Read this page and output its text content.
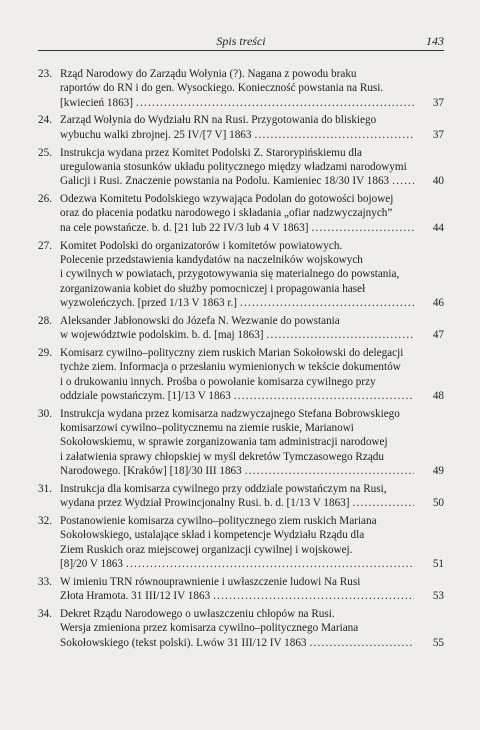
Spis treści	143
23. Rząd Narodowy do Zarządu Wołynia (?). Nagana z powodu braku
raportów do RN i do gen. Wysockiego. Konieczność powstania na Rusi.
[kwiecień 1863] .....	37
24. Zarząd Wołynia do Wydziału RN na Rusi. Przygotowania do bliskiego
wybuchu walki zbrojnej. 25 IV/[7 V] 1863 .....	37
25. Instrukcja wydana przez Komitet Podolski Z. Starorypińskiemu dla
uregulowania stosunków układu politycznego między władzami narodowymi
Galicji i Rusi. Znaczenie powstania na Podolu. Kamieniec 18/30 IV 1863 .....	40
26. Odezwa Komitetu Podolskiego wzywająca Podolan do gotowości bojowej
oraz do płacenia podatku narodowego i składania „ofiar nadzwyczajnych”
na cele powstańcze. b. d. [21 lub 22 IV/3 lub 4 V 1863] .....	44
27. Komitet Podolski do organizatorów i komitetów powiatowych.
Polecenie przedstawienia kandydatów na naczelników wojskowych
i cywilnych w powiatach, przygotowywania się materialnego do powstania,
zorganizowania kobiet do służby pomocniczej i propagowania haseł
wyzwoleńczych. [przed 1/13 V 1863 r.] .....	46
28. Aleksander Jabłonowski do Józefa N. Wezwanie do powstania
w województwie podolskim. b. d. [maj 1863] .....	47
29. Komisarz cywilno–polityczny ziem ruskich Marian Sokołowski do delegacji
tychże ziem. Informacja o przesłaniu wymienionych w tekście dokumentów
i o drukowaniu innych. Prośba o powołanie komisarza cywilnego przy
oddziale powstańczym. [1]/13 V 1863 .....	48
30. Instrukcja wydana przez komisarza nadzwyczajnego Stefana Bobrowskiego
komisarzowi cywilno–politycznemu na ziemie ruskie, Marianowi
Sokołowskiemu, w sprawie zorganizowania tam administracji narodowej
i załatwienia sprawy chłopskiej w myśl dekretów Tymczasowego Rządu
Narodowego. [Kraków] [18]/30 III 1863 .....	49
31. Instrukcja dla komisarza cywilnego przy oddziale powstańczym na Rusi,
wydana przez Wydział Prowincjonalny Rusi. b. d. [1/13 V 1863] .....	50
32. Postanowienie komisarza cywilno–politycznego ziem ruskich Mariana
Sokołowskiego, ustalające skład i kompetencje Wydziału Rządu dla
Ziem Ruskich oraz miejscowej organizacji cywilnej i wojskowej.
[8]/20 V 1863 .....	51
33. W imieniu TRN równouprawnienie i uwłaszczenie ludowi Na Rusi
Złota Hramota. 31 III/12 IV 1863 .....	53
34. Dekret Rządu Narodowego o uwłaszczeniu chłopów na Rusi.
Wersja zmieniona przez komisarza cywilno–politycznego Mariana
Sokołowskiego (tekst polski). Lwów 31 III/12 IV 1863 .....	55
